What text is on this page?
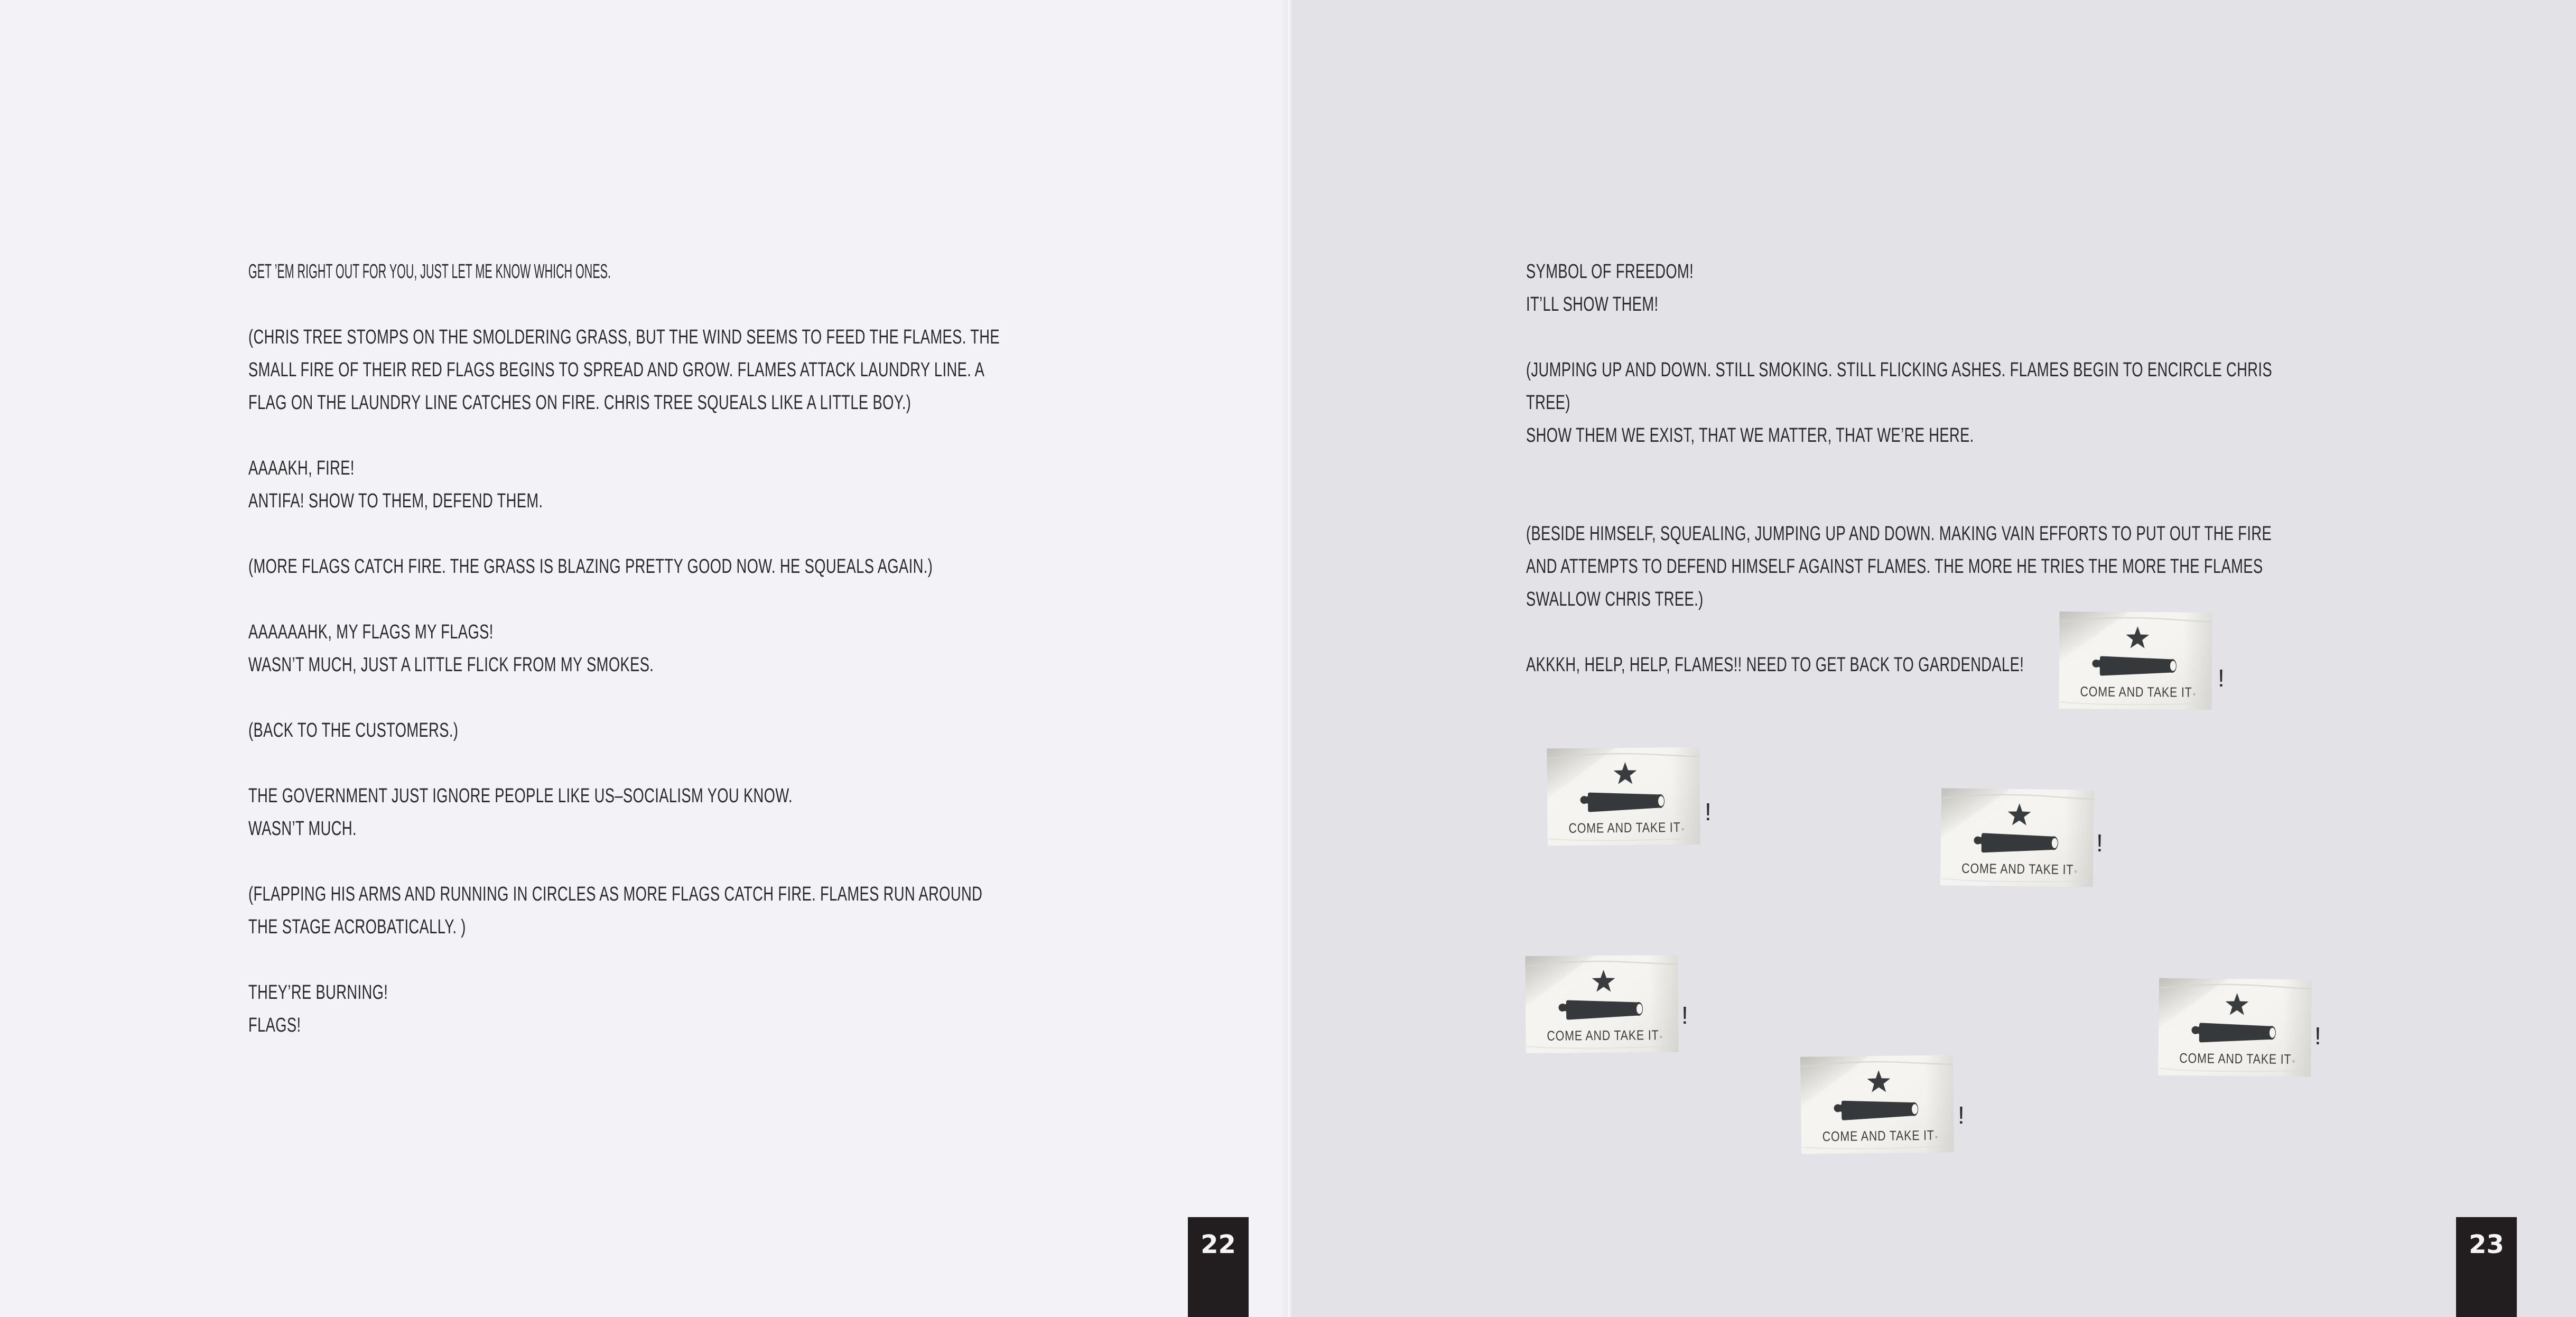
GET ’EM RIGHT OUT FOR YOU, JUST LET ME KNOW WHICH ONES.
(CHRIS TREE STOMPS ON THE SMOLDERING GRASS, BUT THE WIND SEEMS TO FEED THE FLAMES. THE
SMALL FIRE OF THEIR RED FLAGS BEGINS TO SPREAD AND GROW. FLAMES ATTACK LAUNDRY LINE. A
FLAG ON THE LAUNDRY LINE CATCHES ON FIRE. CHRIS TREE SQUEALS LIKE A LITTLE BOY.)
AAAAKH, FIRE!
ANTIFA! SHOW TO THEM, DEFEND THEM.
(MORE FLAGS CATCH FIRE. THE GRASS IS BLAZING PRETTY GOOD NOW. HE SQUEALS AGAIN.)
AAAAAAHK, MY FLAGS MY FLAGS!
WASN’T MUCH, JUST A LITTLE FLICK FROM MY SMOKES.
(BACK TO THE CUSTOMERS.)
THE GOVERNMENT JUST IGNORE PEOPLE LIKE US–SOCIALISM YOU KNOW.
WASN’T MUCH.
(FLAPPING HIS ARMS AND RUNNING IN CIRCLES AS MORE FLAGS CATCH FIRE. FLAMES RUN AROUND
THE STAGE ACROBATICALLY. )
THEY’RE BURNING!
FLAGS!
22
SYMBOL OF FREEDOM!
IT’LL SHOW THEM!
(JUMPING UP AND DOWN. STILL SMOKING. STILL FLICKING ASHES. FLAMES BEGIN TO ENCIRCLE CHRIS
TREE)
SHOW THEM WE EXIST, THAT WE MATTER, THAT WE’RE HERE.
(BESIDE HIMSELF, SQUEALING, JUMPING UP AND DOWN. MAKING VAIN EFFORTS TO PUT OUT THE FIRE
AND ATTEMPTS TO DEFEND HIMSELF AGAINST FLAMES. THE MORE HE TRIES THE MORE THE FLAMES
SWALLOW CHRIS TREE.)
AKKKH, HELP, HELP, FLAMES!! NEED TO GET BACK TO GARDENDALE!	!
!
!
!
!
!
23
